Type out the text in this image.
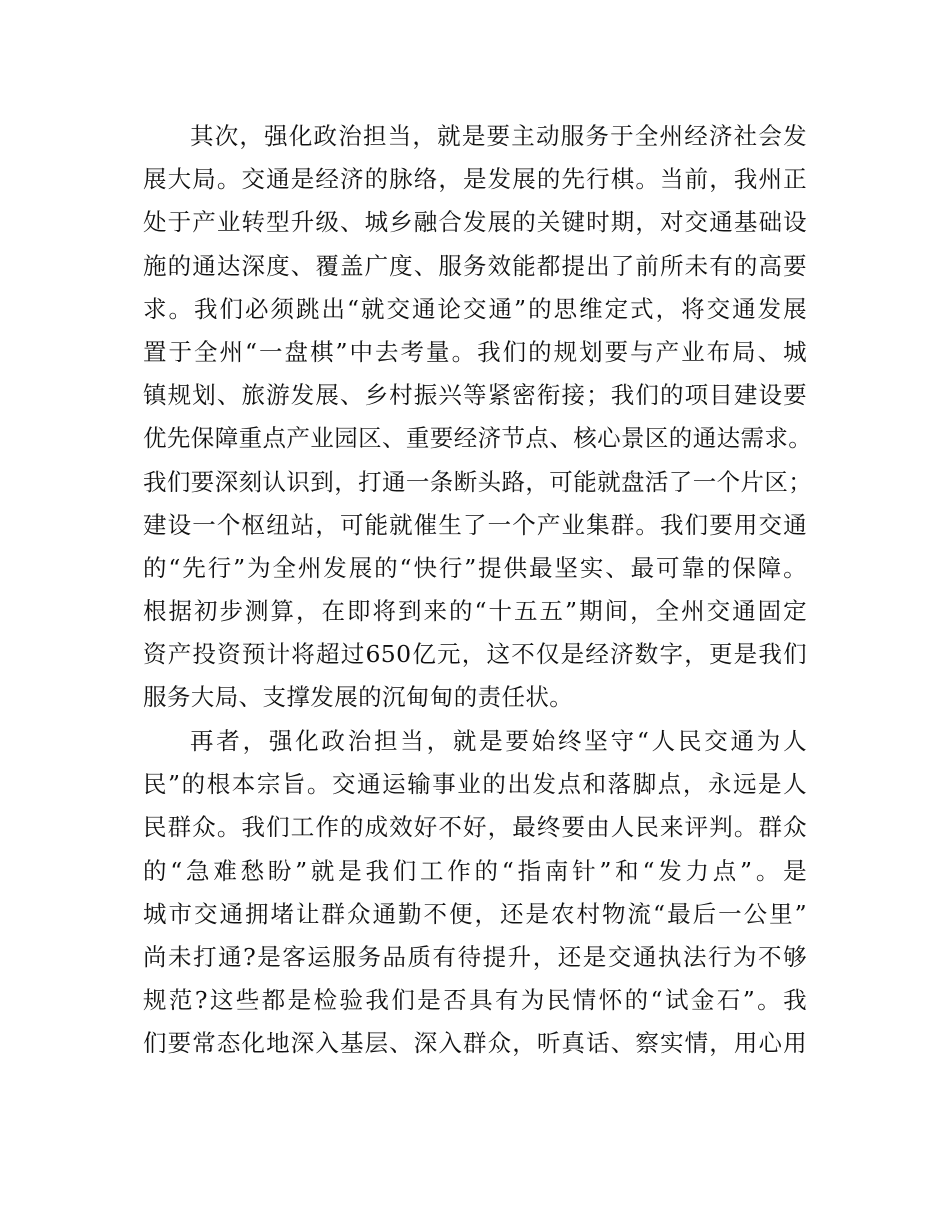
其次，强化政治担当，就是要主动服务于全州经济社会发
展大局。交通是经济的脉络，是发展的先行棋。当前，我州正
处于产业转型升级、城乡融合发展的关键时期，对交通基础设
施的通达深度、覆盖广度、服务效能都提出了前所未有的高要
求。我们必须跳出“就交通论交通”的思维定式，将交通发展
置于全州“一盘棋”中去考量。我们的规划要与产业布局、城
镇规划、旅游发展、乡村振兴等紧密衔接；我们的项目建设要
优先保障重点产业园区、重要经济节点、核心景区的通达需求。
我们要深刻认识到，打通一条断头路，可能就盘活了一个片区；
建设一个枢纽站，可能就催生了一个产业集群。我们要用交通
的“先行”为全州发展的“快行”提供最坚实、最可靠的保障。
根据初步测算，在即将到来的“十五五”期间，全州交通固定
资产投资预计将超过650亿元，这不仅是经济数字，更是我们
服务大局、支撑发展的沉甸甸的责任状。
再者，强化政治担当，就是要始终坚守“人民交通为人
民”的根本宗旨。交通运输事业的出发点和落脚点，永远是人
民群众。我们工作的成效好不好，最终要由人民来评判。群众
的“急难愁盼”就是我们工作的“指南针”和“发力点”。是
城市交通拥堵让群众通勤不便，还是农村物流“最后一公里”
尚未打通?是客运服务品质有待提升，还是交通执法行为不够
规范?这些都是检验我们是否具有为民情怀的“试金石”。我
们要常态化地深入基层、深入群众，听真话、察实情，用心用
